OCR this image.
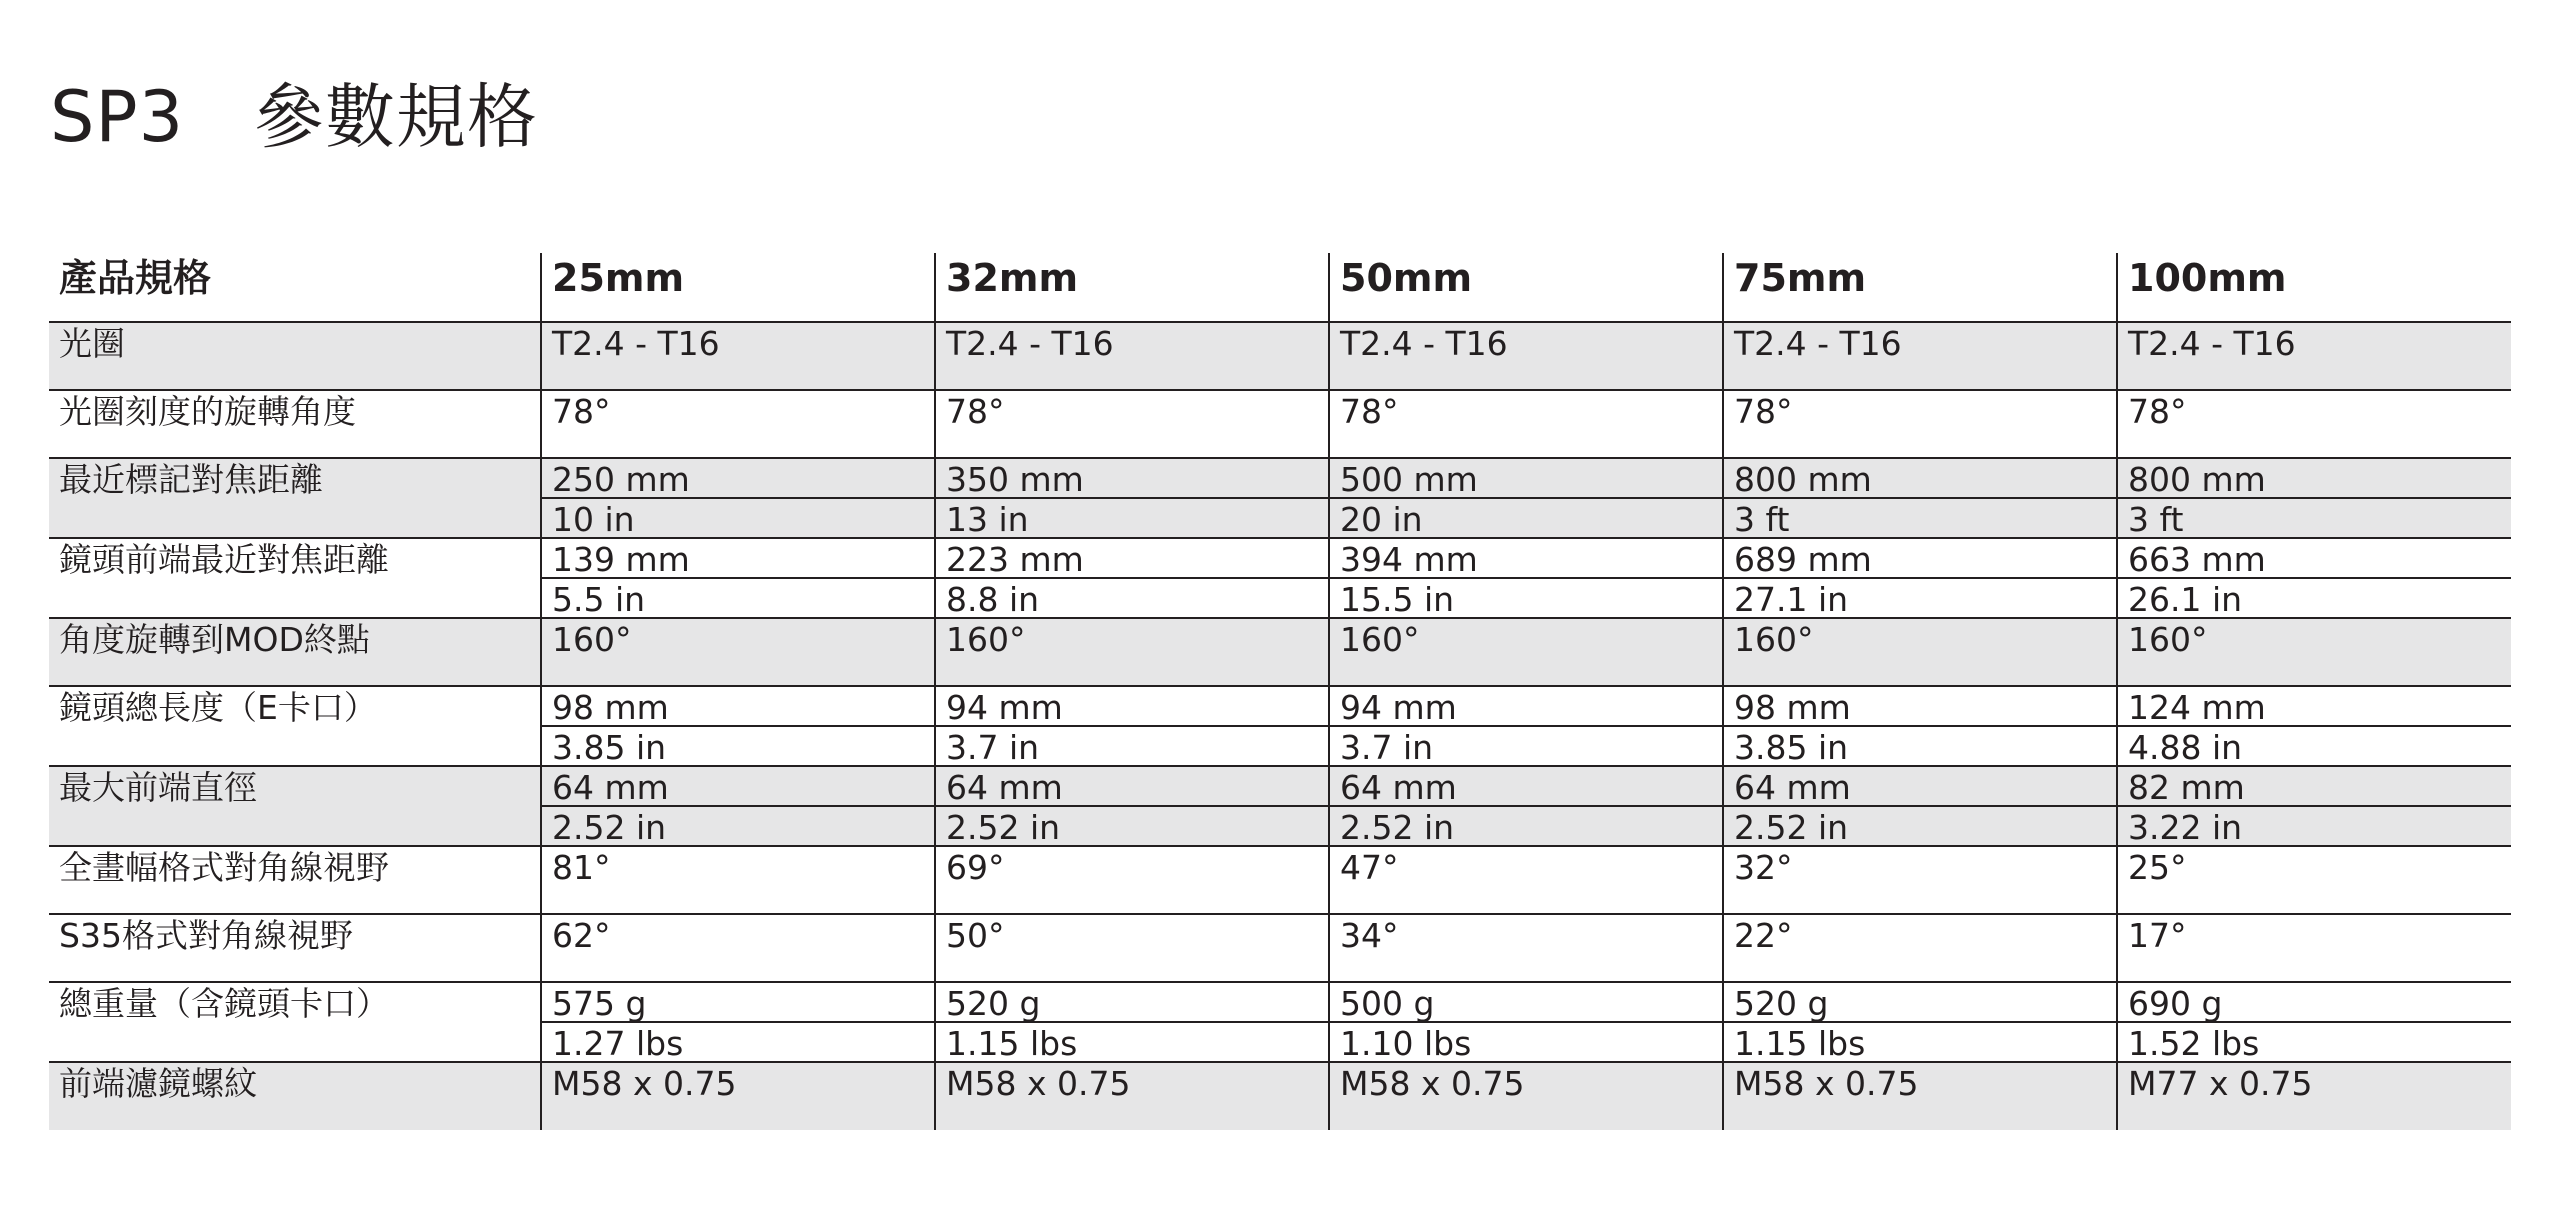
SP3   參數規格
產品規格	25mm	32mm	50mm	75mm	100mm
光圈	T2.4 - T16	T2.4 - T16	T2.4 - T16	T2.4 - T16	T2.4 - T16
光圈刻度的旋轉角度	78°	78°	78°	78°	78°
最近標記對焦距離	250 mm	350 mm	500 mm	800 mm	800 mm
	10 in	13 in	20 in	3 ft	3 ft
鏡頭前端最近對焦距離	139 mm	223 mm	394 mm	689 mm	663 mm
	5.5 in	8.8 in	15.5 in	27.1 in	26.1 in
角度旋轉到MOD終點	160°	160°	160°	160°	160°
鏡頭總長度（E卡口）	98 mm	94 mm	94 mm	98 mm	124 mm
	3.85 in	3.7 in	3.7 in	3.85 in	4.88 in
最大前端直徑	64 mm	64 mm	64 mm	64 mm	82 mm
	2.52 in	2.52 in	2.52 in	2.52 in	3.22 in
全畫幅格式對角線視野	81°	69°	47°	32°	25°
S35格式對角線視野	62°	50°	34°	22°	17°
總重量（含鏡頭卡口）	575 g	520 g	500 g	520 g	690 g
	1.27 lbs	1.15 lbs	1.10 lbs	1.15 lbs	1.52 lbs
前端濾鏡螺紋	M58 x 0.75	M58 x 0.75	M58 x 0.75	M58 x 0.75	M77 x 0.75
